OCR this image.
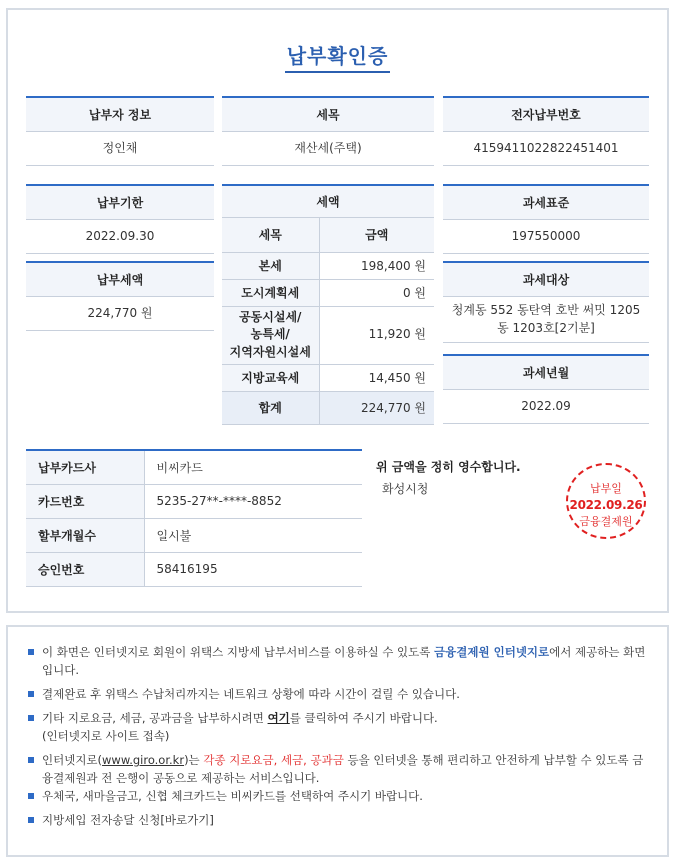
납부확인증
납부자 정보
정인채
세목
재산세(주택)
전자납부번호
4159411022822451401
납부기한
2022.09.30
납부세액
224,770 원
세액
세목	금액
본세	198,400 원
도시계획세	0 원
공동시설세/
농특세/
지역자원시설세	11,920 원
지방교육세	14,450 원
합계	224,770 원
과세표준
197550000
과세대상
청계동 552 동탄역 호반 써밋 1205동 1203호[2기분]
과세년월
2022.09
납부카드사	비씨카드
카드번호	5235-27**-****-8852
할부개월수	일시불
승인번호	58416195
위 금액을 정히 영수합니다.
화성시청	납부일
2022.09.26
금융결제원
이 화면은 인터넷지로 회원이 위택스 지방세 납부서비스를 이용하실 수 있도록 금융결제원 인터넷지로에서 제공하는 화면입니다.
결제완료 후 위택스 수납처리까지는 네트워크 상황에 따라 시간이 걸릴 수 있습니다.
기타 지로요금, 세금, 공과금을 납부하시려면 여기를 클릭하여 주시기 바랍니다.
(인터넷지로 사이트 접속)
인터넷지로(www.giro.or.kr)는 각종 지로요금, 세금, 공과금 등을 인터넷을 통해 편리하고 안전하게 납부할 수 있도록 금융결제원과 전 은행이 공동으로 제공하는 서비스입니다.
우체국, 새마을금고, 신협 체크카드는 비씨카드를 선택하여 주시기 바랍니다.
지방세입 전자송달 신청[바로가기]
